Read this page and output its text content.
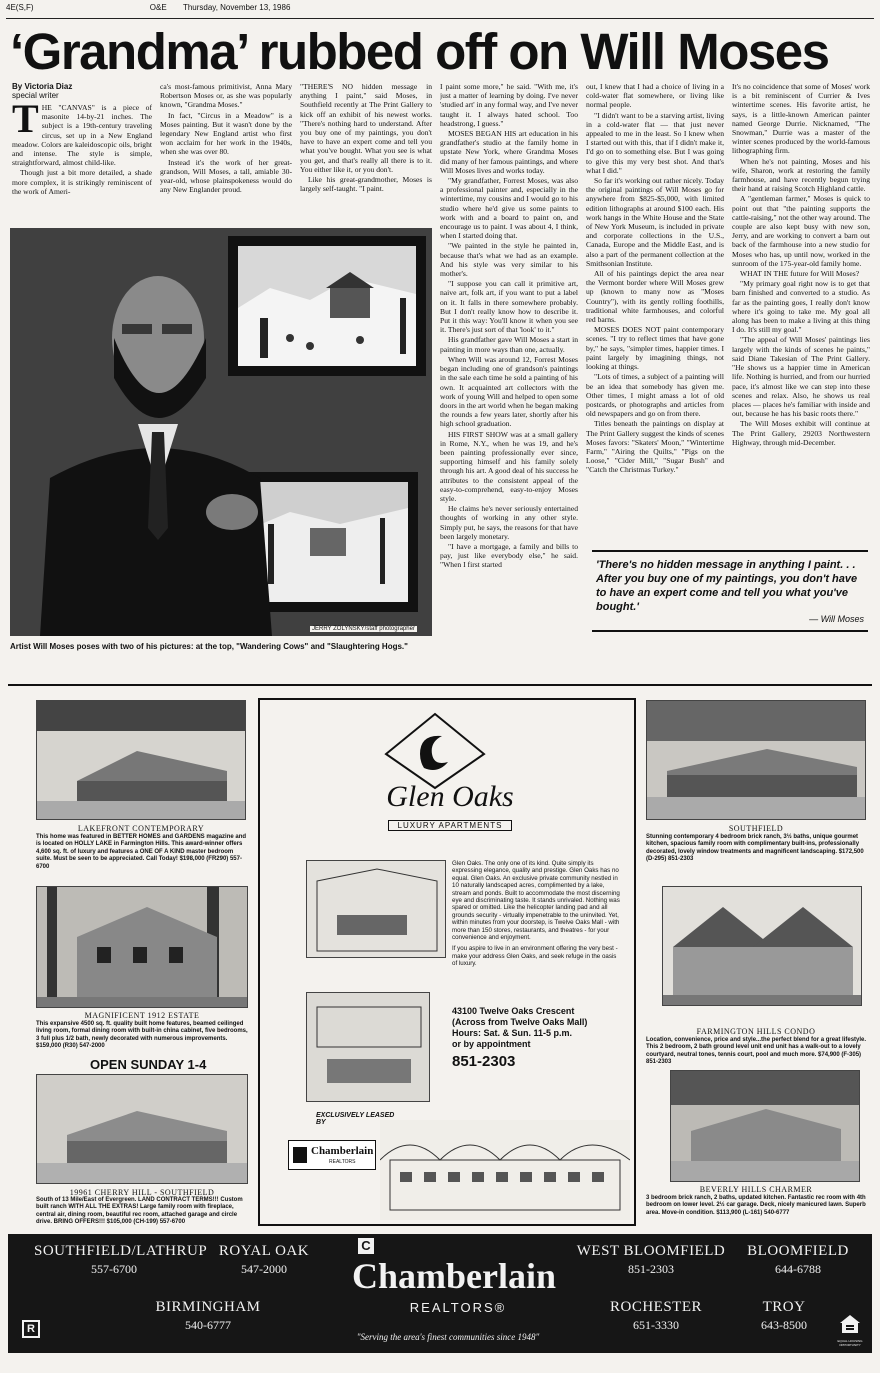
4E(S,F)	O&E Thursday, November 13, 1986
‘Grandma’ rubbed off on Will Moses
By Victoria Diaz
special writer
T HE "CANVAS" is a piece of masonite 14-by-21 inches. The subject is a 19th-century traveling circus, set up in a New England meadow. Colors are kaleidoscopic oils, bright and intense. The style is simple, straightforward, almost child-like.

Though just a bit more detailed, a shade more complex, it is strikingly reminiscent of the work of Ameri-

ca's most-famous primitivist, Anna Mary Robertson Moses or, as she was popularly known, "Grandma Moses."

In fact, "Circus in a Meadow" is a Moses painting. But it wasn't done by the legendary New England artist who first won acclaim for her work in the 1940s, when she was over 80.

Instead it's the work of her great-grandson, Will Moses, a tall, amiable 30-year-old, whose plainspokeness would do any New Englander proud.

"THERE'S NO hidden message in anything I paint," said Moses, in Southfield recently at The Print Gallery to kick off an exhibit of his newest works. "There's nothing hard to understand. After you buy one of my paintings, you don't have to have an expert come and tell you what you've bought. What you see is what you get, and that's really all there is to it. You either like it, or you don't.

Like his great-grandmother, Moses is largely self-taught. "I paint.

JERRY ZOLYNSKY/staff photographer
Artist Will Moses poses with two of his pictures: at the top, "Wandering Cows" and "Slaughtering Hogs."

I paint some more," he said. "With me, it's just a matter of learning by doing. I've never 'studied art' in any formal way, and I've never taught it. I always hated school. Too headstrong, I guess."

MOSES BEGAN HIS art education in his grandfather's studio at the family home in upstate New York, where Grandma Moses did many of her famous paintings, and where Will Moses lives and works today.

"My grandfather, Forrest Moses, was also a professional painter and, especially in the wintertime, my cousins and I would go to his studio where he'd give us some paints to work with and a board to paint on, and encourage us to paint. I was about 4, I think, when I started doing that.

"We painted in the style he painted in, because that's what we had as an example. And his style was very similar to his mother's.

"I suppose you can call it primitive art, naive art, folk art, if you want to put a label on it. It falls in there somewhere probably. But I don't really know how to describe it. Put it this way: You'll know it when you see it. There's just sort of that 'look' to it."

His grandfather gave Will Moses a start in painting in more ways than one, actually.

When Will was around 12, Forrest Moses began including one of grandson's paintings in the sale each time he sold a painting of his own. It acquainted art collectors with the work of young Will and helped to open some doors in the art world when he began making the rounds a few years later, shortly after his high school graduation.

HIS FIRST SHOW was at a small gallery in Rome, N.Y., when he was 19, and he's been painting professionally ever since, supporting himself and his family solely through his art. A good deal of his success he attributes to the consistent appeal of the easy-to-comprehend, easy-to-enjoy Moses style.

He claims he's never seriously entertained thoughts of working in any other style. Simply put, he says, the reasons for that have been largely monetary.

"I have a mortgage, a family and bills to pay, just like everybody else," he said. "When I first started

out, I knew that I had a choice of living in a cold-water flat somewhere, or living like normal people.

"I didn't want to be a starving artist, living in a cold-water flat — that just never appealed to me in the least. So I knew when I started out with this, that if I didn't make it, I'd go on to something else. But I was going to give this my very best shot. And that's what I did."

So far it's working out rather nicely. Today the original paintings of Will Moses go for anywhere from $825-$5,000, with limited edition lithographs at around $100 each. His work hangs in the White House and the State of New York Museum, is included in private and corporate collections in the U.S., Canada, Europe and the Middle East, and is also a part of the permanent collection at the Smithsonian Institute.

All of his paintings depict the area near the Vermont border where Will Moses grew up (known to many now as "Moses Country"), with its gently rolling foothills, traditional white farmhouses, and colorful red barns.

MOSES DOES NOT paint contemporary scenes. "I try to reflect times that have gone by," he says, "simpler times, happier times. I paint largely by imagining things, not looking at things.

"Lots of times, a subject of a painting will be an idea that somebody has given me. Other times, I might amass a lot of old postcards, or photographs and articles from old newspapers and go on from there.

Titles beneath the paintings on display at The Print Gallery suggest the kinds of scenes Moses favors: "Skaters' Moon," "Wintertime Farm," "Airing the Quilts," "Pigs on the Loose," "Cider Mill," "Sugar Bush" and "Catch the Christmas Turkey."

It's no coincidence that some of Moses' work is a bit reminiscent of Currier & Ives wintertime scenes. His favorite artist, he says, is a little-known American painter named George Durrie. Nicknamed, "The Snowman," Durrie was a master of the winter scenes produced by the world-famous lithographing firm.

When he's not painting, Moses and his wife, Sharon, work at restoring the family farmhouse, and have recently begun trying their hand at raising Scotch Highland cattle.

A "gentleman farmer," Moses is quick to point out that "the painting supports the cattle-raising," not the other way around. The couple are also kept busy with new son, Jerry, and are working to convert a barn out back of the farmhouse into a new studio for Moses who has, up until now, worked in the sunroom of the 175-year-old family home.

WHAT IN THE future for Will Moses?

"My primary goal right now is to get that barn finished and converted to a studio. As far as the painting goes, I really don't know where it's going to take me. My goal all along has been to make a living at this thing I do. It's still my goal."

"The appeal of Will Moses' paintings lies largely with the kinds of scenes he paints," said Diane Takesian of The Print Gallery. "He shows us a happier time in American life. Nothing is hurried, and from our hurried pace, it's almost like we can step into these scenes and relax. Also, he shows us real places — places he's familiar with inside and out, because he has his basic roots there."

The Will Moses exhibit will continue at The Print Gallery, 29203 Northwestern Highway, through mid-December.

'There's no hidden message in anything I paint. . . After you buy one of my paintings, you don't have to have an expert come and tell you what you've bought.'
— Will Moses
LAKEFRONT CONTEMPORARY
This home was featured in BETTER HOMES and GARDENS magazine and is located on HOLLY LAKE in Farmington Hills. This award-winner offers 4,600 sq. ft. of luxury and features a ONE OF A KIND master bedroom suite. Must be seen to be appreciated. Call Today! $198,000 (FR290) 557-6700
MAGNIFICENT 1912 ESTATE
This expansive 4500 sq. ft. quality built home features, beamed ceilinged living room, formal dining room with built-in china cabinet, five bedrooms, 3 full plus 1/2 bath, newly decorated with numerous improvements. $159,000 (R30) 547-2000
OPEN SUNDAY 1-4
19961 CHERRY HILL - SOUTHFIELD
South of 13 Mile/East of Evergreen. LAND CONTRACT TERMS!!! Custom built ranch WITH ALL THE EXTRAS! Large family room with fireplace, central air, dining room, beautiful rec room, attached garage and circle drive. BRING OFFERS!!! $105,000 (CH-199) 557-6700
Glen Oaks
LUXURY APARTMENTS
Glen Oaks. The only one of its kind. Quite simply its expressing elegance, quality and prestige. Glen Oaks has no equal. Glen Oaks. An exclusive private community nestled in 10 naturally landscaped acres, complimented by a lake, stream and ponds. Built to accommodate the most discerning eye and discriminating taste. It stands unrivaled. Nothing was spared or omitted. Like the helicopter landing pad and all grounds security - virtually impenetrable to the uninvited. Yet, within minutes from your doorstep, is Twelve Oaks Mall - with more than 150 stores, restaurants, and theatres - for your convenience and enjoyment.
If you aspire to live in an environment offering the very best - make your address Glen Oaks, and seek refuge in the oasis of luxury.
43100 Twelve Oaks Crescent
(Across from Twelve Oaks Mall)
Hours: Sat. & Sun. 11-5 p.m.
or by appointment
851-2303
EXCLUSIVELY LEASED BY
Chamberlain
REALTORS
SOUTHFIELD
Stunning contemporary 4 bedroom brick ranch, 3½ baths, unique gourmet kitchen, spacious family room with complimentary built-ins, professionally decorated, lovely window treatments and magnificent landscaping. $172,500 (D-295) 851-2303
FARMINGTON HILLS CONDO
Location, convenience, price and style...the perfect blend for a great lifestyle. This 2 bedroom, 2 bath ground level unit end unit has a walk-out to a lovely courtyard, neutral tones, tennis court, pool and much more. $74,900 (F-305) 851-2303
BEVERLY HILLS CHARMER
3 bedroom brick ranch, 2 baths, updated kitchen. Fantastic rec room with 4th bedroom on lower level. 2½ car garage. Deck, nicely manicured lawn. Superb area. Move-in condition. $113,900 (L-161) 540-6777
SOUTHFIELD/LATHRUP
557-6700
ROYAL OAK
547-2000
BIRMINGHAM
540-6777
WEST BLOOMFIELD
851-2303
BLOOMFIELD
644-6788
ROCHESTER
651-3330
TROY
643-8500
C
Chamberlain
REALTORS®
"Serving the area's finest communities since 1948"
R
EQUAL HOUSING OPPORTUNITY
